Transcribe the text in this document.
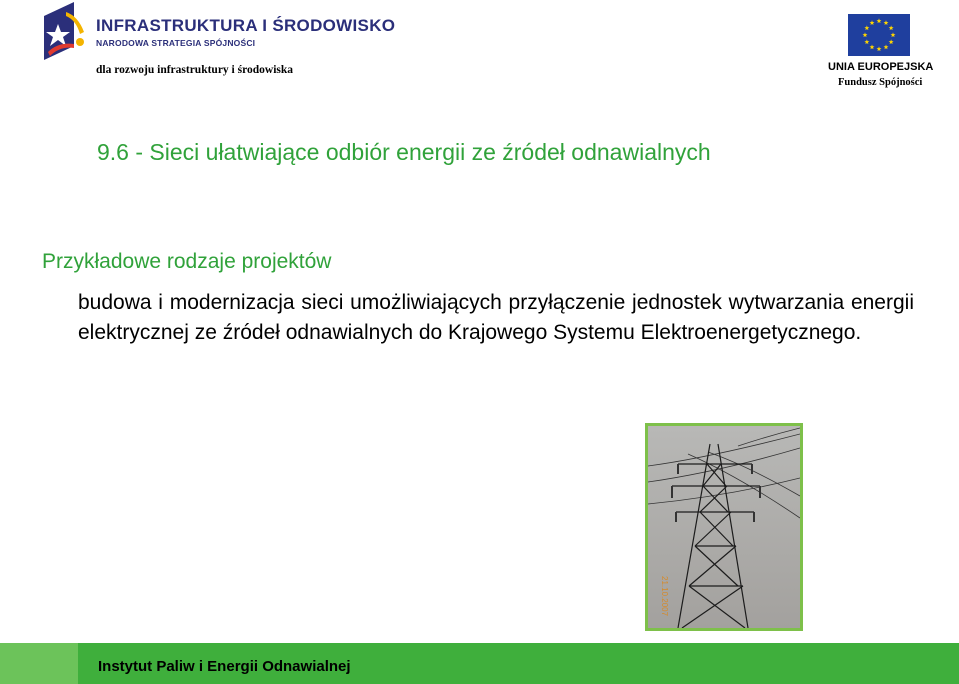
INFRASTRUKTURA I ŚRODOWISKO
NARODOWA STRATEGIA SPÓJNOŚCI
dla rozwoju infrastruktury i środowiska	UNIA EUROPEJSKA
Fundusz Spójności
9.6 - Sieci ułatwiające odbiór energii ze źródeł odnawialnych
Przykładowe rodzaje projektów
budowa i modernizacja sieci umożliwiających przyłączenie jednostek wytwarzania energii elektrycznej ze źródeł odnawialnych do Krajowego Systemu Elektroenergetycznego.
21.10.2007
Instytut Paliw i Energii Odnawialnej
